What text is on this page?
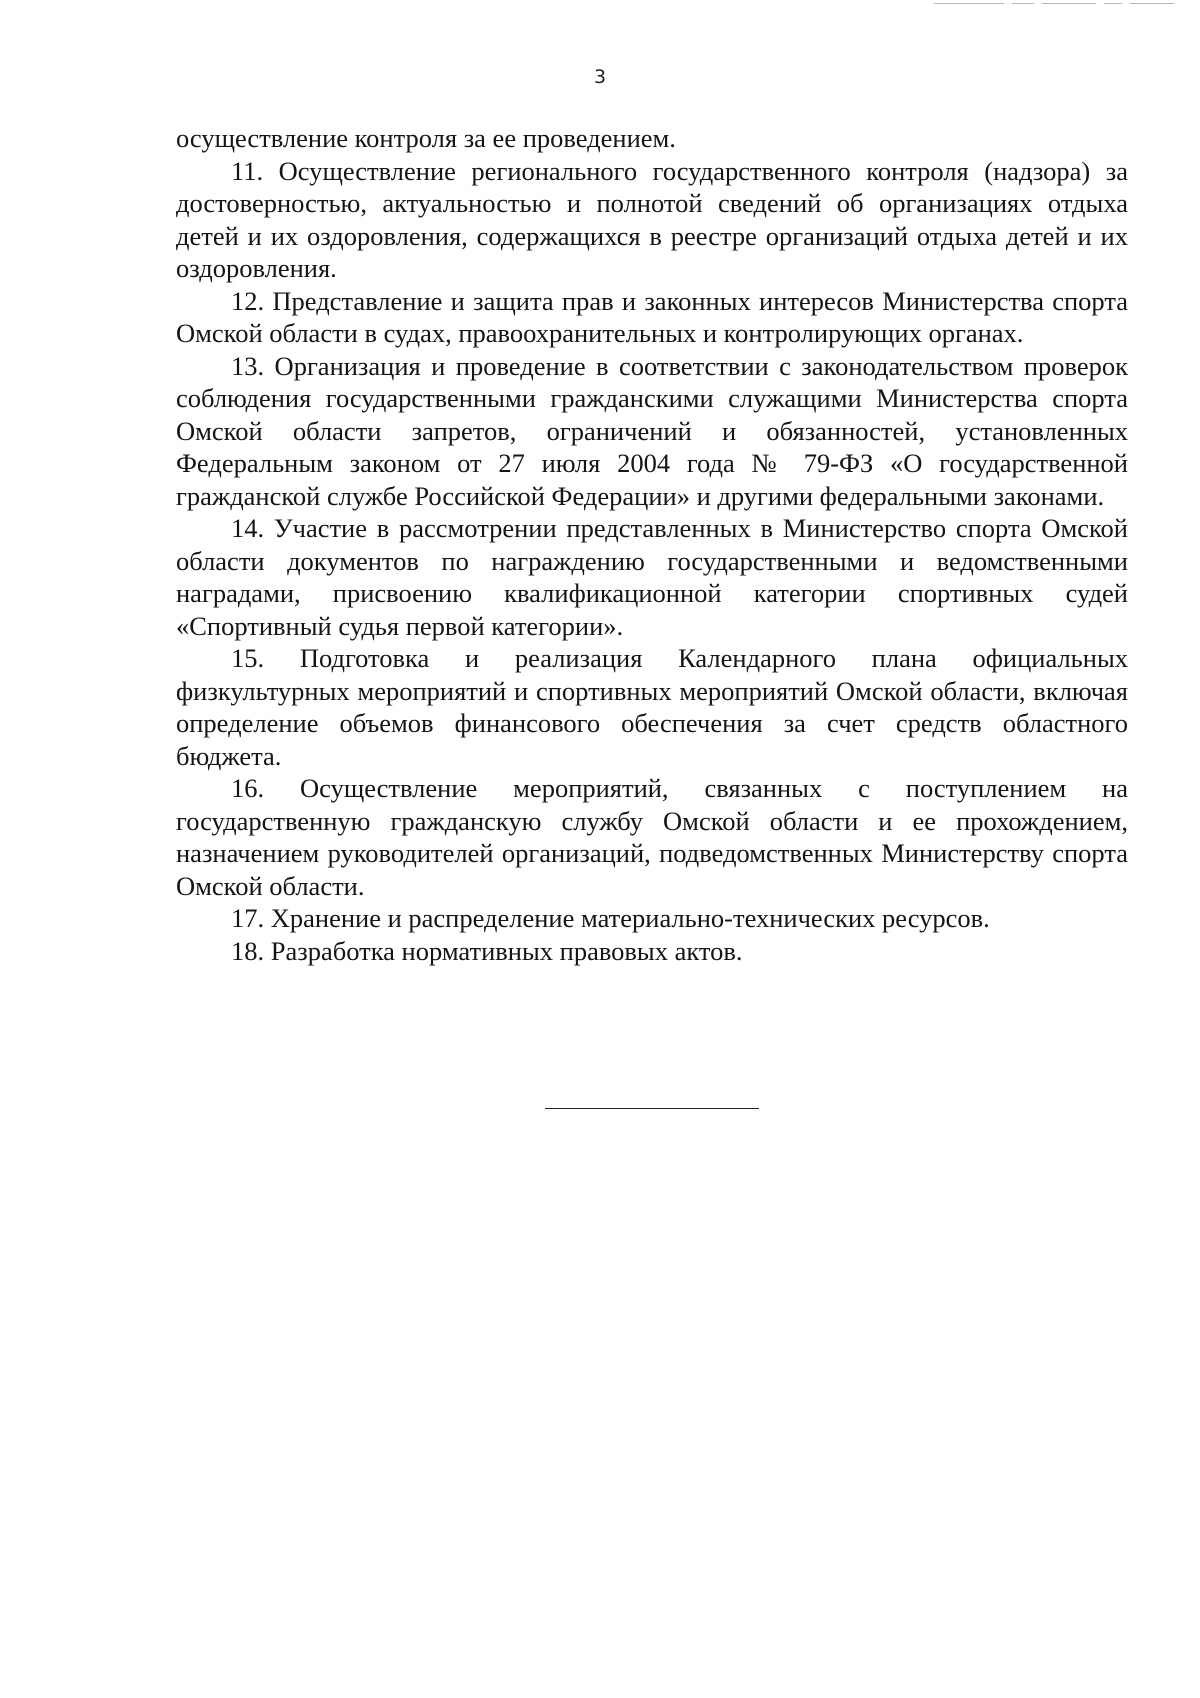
3

осуществление контроля за ее проведением.

11. Осуществление регионального государственного контроля (надзора) за достоверностью, актуальностью и полнотой сведений об организациях отдыха детей и их оздоровления, содержащихся в реестре организаций отдыха детей и их оздоровления.

12. Представление и защита прав и законных интересов Министерства спорта Омской области в судах, правоохранительных и контролирующих органах.

13. Организация и проведение в соответствии с законодательством проверок соблюдения государственными гражданскими служащими Министерства спорта Омской области запретов, ограничений и обязанностей, установленных Федеральным законом от 27 июля 2004 года № 79-ФЗ «О государственной гражданской службе Российской Федерации» и другими федеральными законами.

14. Участие в рассмотрении представленных в Министерство спорта Омской области документов по награждению государственными и ведомственными наградами, присвоению квалификационной категории спортивных судей «Спортивный судья первой категории».

15. Подготовка и реализация Календарного плана официальных физкультурных мероприятий и спортивных мероприятий Омской области, включая определение объемов финансового обеспечения за счет средств областного бюджета.

16. Осуществление мероприятий, связанных с поступлением на государственную гражданскую службу Омской области и ее прохождением, назначением руководителей организаций, подведомственных Министерству спорта Омской области.

17. Хранение и распределение материально-технических ресурсов.

18. Разработка нормативных правовых актов.
